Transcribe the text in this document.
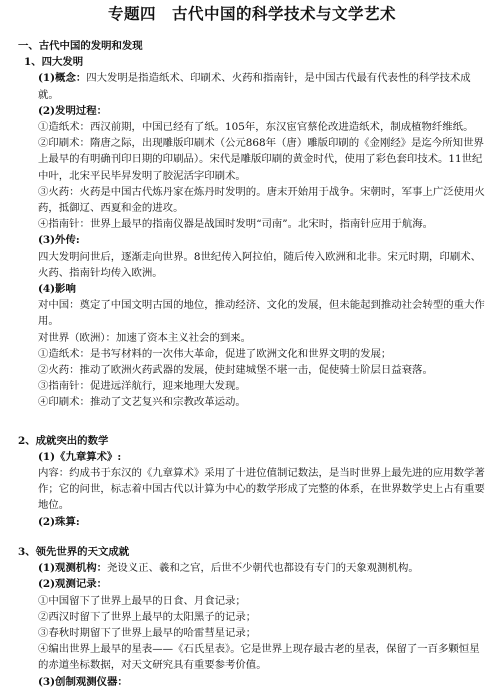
专题四　古代中国的科学技术与文学艺术
一、古代中国的发明和发现
1、四大发明
(1)概念：四大发明是指造纸术、印刷术、火药和指南针，是中国古代最有代表性的科学技术成就。
(2)发明过程：
①造纸术：西汉前期，中国已经有了纸。105年，东汉宦官蔡伦改进造纸术，制成植物纤维纸。
②印刷术：隋唐之际，出现雕版印刷术（公元868年（唐）雕版印刷的《金刚经》是迄今所知世界上最早的有明确刊印日期的印刷品）。宋代是雕版印刷的黄金时代，使用了彩色套印技术。11世纪中叶，北宋平民毕昇发明了胶泥活字印刷术。
③火药：火药是中国古代炼丹家在炼丹时发明的。唐末开始用于战争。宋朝时，军事上广泛使用火药，抵御辽、西夏和金的进攻。
④指南针：世界上最早的指南仪器是战国时发明“司南”。北宋时，指南针应用于航海。
(3)外传:
四大发明问世后，逐渐走向世界。8世纪传入阿拉伯，随后传入欧洲和北非。宋元时期，印刷术、火药、指南针均传入欧洲。
(4)影响
对中国：奠定了中国文明古国的地位，推动经济、文化的发展，但未能起到推动社会转型的重大作用。
对世界（欧洲）：加速了资本主义社会的到来。
①造纸术：是书写材料的一次伟大革命，促进了欧洲文化和世界文明的发展；
②火药：推动了欧洲火药武器的发展，使封建城堡不堪一击，促使骑士阶层日益衰落。
③指南针：促进远洋航行，迎来地理大发现。
④印刷术：推动了文艺复兴和宗教改革运动。
2、成就突出的数学
(1)《九章算术》:
内容：约成书于东汉的《九章算术》采用了十进位值制记数法，是当时世界上最先进的应用数学著作；它的问世，标志着中国古代以计算为中心的数学形成了完整的体系，在世界数学史上占有重要地位。
(2)珠算:
3、领先世界的天文成就
(1)观测机构：尧设义正、羲和之官，后世不少朝代也都设有专门的天象观测机构。
(2)观测记录：
①中国留下了世界上最早的日食、月食记录；
②西汉时留下了世界上最早的太阳黑子的记录；
③春秋时期留下了世界上最早的哈雷彗星记录；
④编出世界上最早的星表——《石氏星表》。它是世界上现存最古老的星表，保留了一百多颗恒星的赤道坐标数据，对天文研究具有重要参考价值。
(3)创制观测仪器：
